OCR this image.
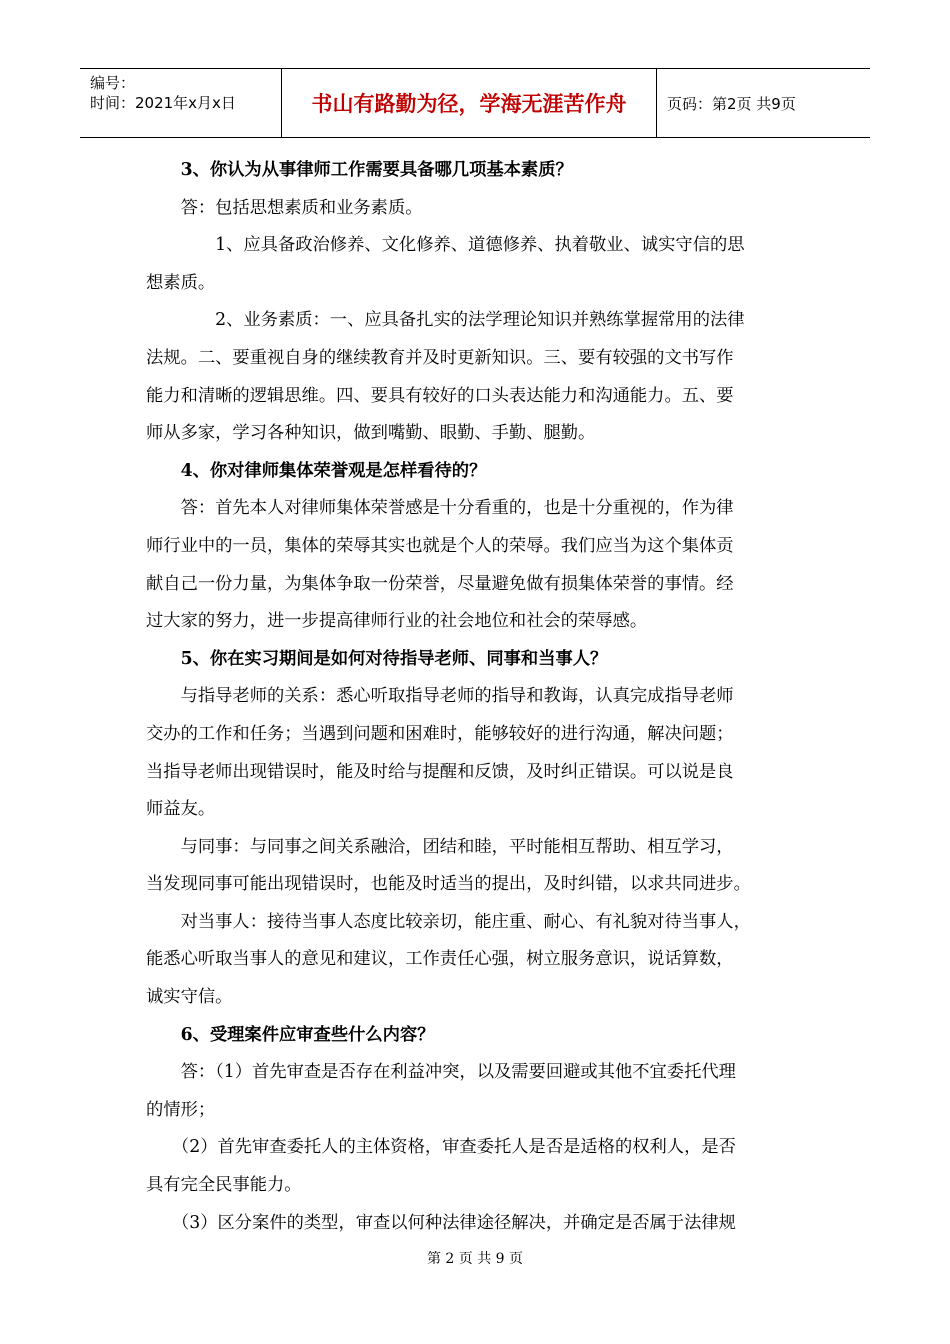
编号：
时间：2021年x月x日	书山有路勤为径，学海无涯苦作舟	页码：第2页 共9页

　　3、你认为从事律师工作需要具备哪几项基本素质？

　　答：包括思想素质和业务素质。

　　　　1、应具备政治修养、文化修养、道德修养、执着敬业、诚实守信的思

想素质。

　　　　2、业务素质：一、应具备扎实的法学理论知识并熟练掌握常用的法律

法规。二、要重视自身的继续教育并及时更新知识。三、要有较强的文书写作

能力和清晰的逻辑思维。四、要具有较好的口头表达能力和沟通能力。五、要

师从多家，学习各种知识，做到嘴勤、眼勤、手勤、腿勤。

　　4、你对律师集体荣誉观是怎样看待的？

　　答：首先本人对律师集体荣誉感是十分看重的，也是十分重视的，作为律

师行业中的一员，集体的荣辱其实也就是个人的荣辱。我们应当为这个集体贡

献自己一份力量，为集体争取一份荣誉，尽量避免做有损集体荣誉的事情。经

过大家的努力，进一步提高律师行业的社会地位和社会的荣辱感。

　　5、你在实习期间是如何对待指导老师、同事和当事人？

　　与指导老师的关系：悉心听取指导老师的指导和教诲，认真完成指导老师

交办的工作和任务；当遇到问题和困难时，能够较好的进行沟通，解决问题；

当指导老师出现错误时，能及时给与提醒和反馈，及时纠正错误。可以说是良

师益友。

　　与同事：与同事之间关系融洽，团结和睦，平时能相互帮助、相互学习，

当发现同事可能出现错误时，也能及时适当的提出，及时纠错，以求共同进步。

　　对当事人：接待当事人态度比较亲切，能庄重、耐心、有礼貌对待当事人，

能悉心听取当事人的意见和建议，工作责任心强，树立服务意识，说话算数，

诚实守信。

　　6、受理案件应审查些什么内容？

　　答：（1）首先审查是否存在利益冲突，以及需要回避或其他不宜委托代理

的情形；

　　（2）首先审查委托人的主体资格，审查委托人是否是适格的权利人，是否

具有完全民事能力。

　　（3）区分案件的类型，审查以何种法律途径解决，并确定是否属于法律规

第 2 页 共 9 页
